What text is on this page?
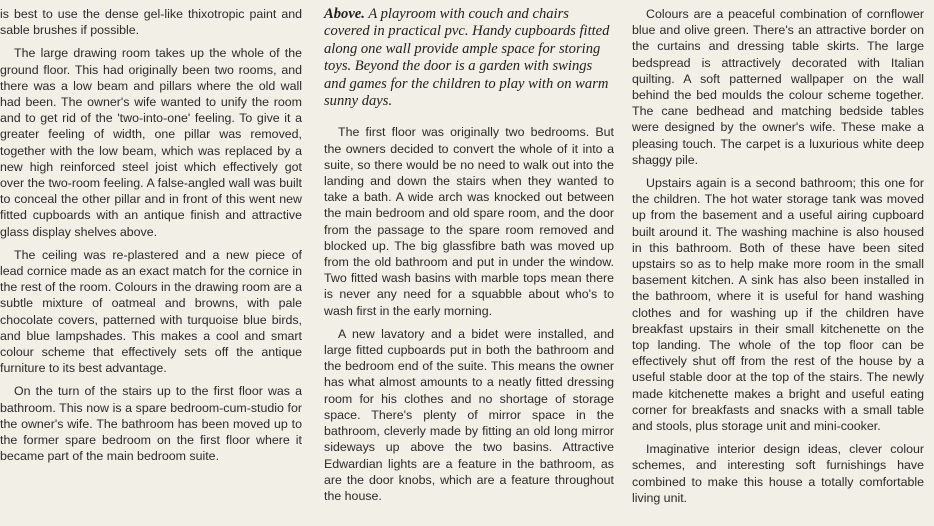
is best to use the dense gel-like thixotropic paint and sable brushes if possible.

The large drawing room takes up the whole of the ground floor. This had originally been two rooms, and there was a low beam and pillars where the old wall had been. The owner's wife wanted to unify the room and to get rid of the 'two-into-one' feeling. To give it a greater feeling of width, one pillar was removed, together with the low beam, which was replaced by a new high reinforced steel joist which effectively got over the two-room feeling. A false-angled wall was built to conceal the other pillar and in front of this went new fitted cupboards with an antique finish and attractive glass display shelves above.

The ceiling was re-plastered and a new piece of lead cornice made as an exact match for the cornice in the rest of the room. Colours in the drawing room are a subtle mixture of oatmeal and browns, with pale chocolate covers, patterned with turquoise blue birds, and blue lampshades. This makes a cool and smart colour scheme that effectively sets off the antique furniture to its best advantage.

On the turn of the stairs up to the first floor was a bathroom. This now is a spare bedroom-cum-studio for the owner's wife. The bathroom has been moved up to the former spare bedroom on the first floor where it became part of the main bedroom suite.

Above. A playroom with couch and chairs covered in practical pvc. Handy cupboards fitted along one wall provide ample space for storing toys. Beyond the door is a garden with swings and games for the children to play with on warm sunny days.

The first floor was originally two bedrooms. But the owners decided to convert the whole of it into a suite, so there would be no need to walk out into the landing and down the stairs when they wanted to take a bath. A wide arch was knocked out between the main bedroom and old spare room, and the door from the passage to the spare room removed and blocked up. The big glassfibre bath was moved up from the old bathroom and put in under the window. Two fitted wash basins with marble tops mean there is never any need for a squabble about who's to wash first in the early morning.

A new lavatory and a bidet were installed, and large fitted cupboards put in both the bathroom and the bedroom end of the suite. This means the owner has what almost amounts to a neatly fitted dressing room for his clothes and no shortage of storage space. There's plenty of mirror space in the bathroom, cleverly made by fitting an old long mirror sideways up above the two basins. Attractive Edwardian lights are a feature in the bathroom, as are the door knobs, which are a feature throughout the house.

Colours are a peaceful combination of cornflower blue and olive green. There's an attractive border on the curtains and dressing table skirts. The large bedspread is attractively decorated with Italian quilting. A soft patterned wallpaper on the wall behind the bed moulds the colour scheme together. The cane bedhead and matching bedside tables were designed by the owner's wife. These make a pleasing touch. The carpet is a luxurious white deep shaggy pile.

Upstairs again is a second bathroom; this one for the children. The hot water storage tank was moved up from the basement and a useful airing cupboard built around it. The washing machine is also housed in this bathroom. Both of these have been sited upstairs so as to help make more room in the small basement kitchen. A sink has also been installed in the bathroom, where it is useful for hand washing clothes and for washing up if the children have breakfast upstairs in their small kitchenette on the top landing. The whole of the top floor can be effectively shut off from the rest of the house by a useful stable door at the top of the stairs. The newly made kitchenette makes a bright and useful eating corner for breakfasts and snacks with a small table and stools, plus storage unit and mini-cooker.

Imaginative interior design ideas, clever colour schemes, and interesting soft furnishings have combined to make this house a totally comfortable living unit.
